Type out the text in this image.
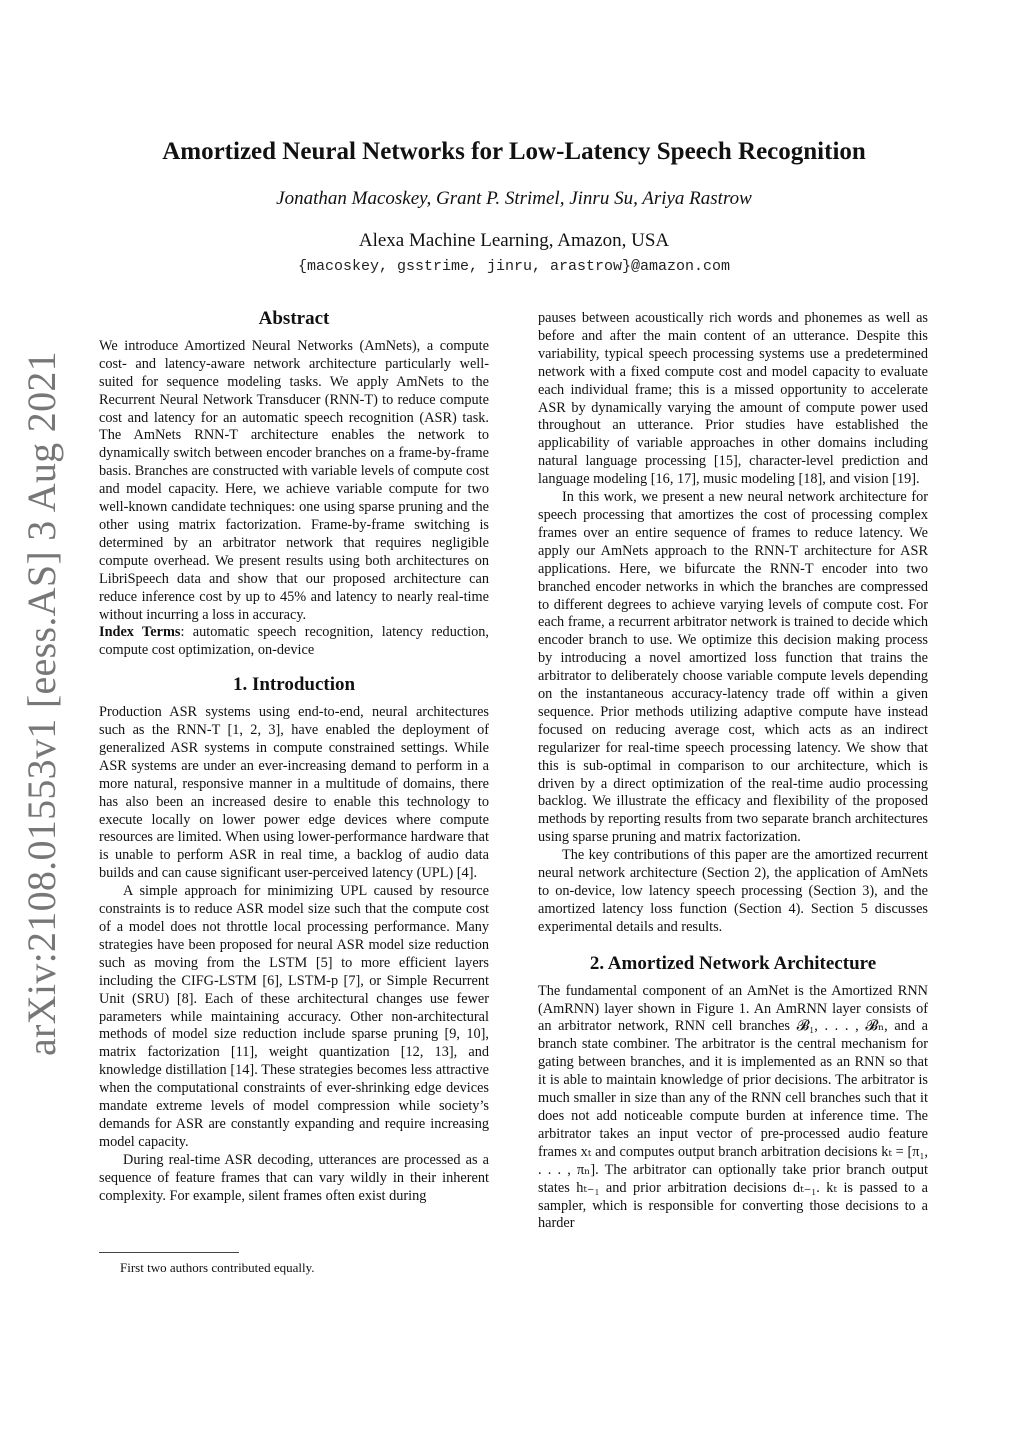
arXiv:2108.01553v1 [eess.AS] 3 Aug 2021
Amortized Neural Networks for Low-Latency Speech Recognition
Jonathan Macoskey, Grant P. Strimel, Jinru Su, Ariya Rastrow
Alexa Machine Learning, Amazon, USA
{macoskey, gsstrime, jinru, arastrow}@amazon.com
Abstract

We introduce Amortized Neural Networks (AmNets), a compute cost- and latency-aware network architecture particularly well-suited for sequence modeling tasks. We apply AmNets to the Recurrent Neural Network Transducer (RNN-T) to reduce compute cost and latency for an automatic speech recognition (ASR) task. The AmNets RNN-T architecture enables the network to dynamically switch between encoder branches on a frame-by-frame basis. Branches are constructed with variable levels of compute cost and model capacity. Here, we achieve variable compute for two well-known candidate techniques: one using sparse pruning and the other using matrix factorization. Frame-by-frame switching is determined by an arbitrator network that requires negligible compute overhead. We present results using both architectures on LibriSpeech data and show that our proposed architecture can reduce inference cost by up to 45% and latency to nearly real-time without incurring a loss in accuracy.

Index Terms: automatic speech recognition, latency reduction, compute cost optimization, on-device

1. Introduction

Production ASR systems using end-to-end, neural architectures such as the RNN-T [1, 2, 3], have enabled the deployment of generalized ASR systems in compute constrained settings. While ASR systems are under an ever-increasing demand to perform in a more natural, responsive manner in a multitude of domains, there has also been an increased desire to enable this technology to execute locally on lower power edge devices where compute resources are limited. When using lower-performance hardware that is unable to perform ASR in real time, a backlog of audio data builds and can cause significant user-perceived latency (UPL) [4].

A simple approach for minimizing UPL caused by resource constraints is to reduce ASR model size such that the compute cost of a model does not throttle local processing performance. Many strategies have been proposed for neural ASR model size reduction such as moving from the LSTM [5] to more efficient layers including the CIFG-LSTM [6], LSTM-p [7], or Simple Recurrent Unit (SRU) [8]. Each of these architectural changes use fewer parameters while maintaining accuracy. Other non-architectural methods of model size reduction include sparse pruning [9, 10], matrix factorization [11], weight quantization [12, 13], and knowledge distillation [14]. These strategies becomes less attractive when the computational constraints of ever-shrinking edge devices mandate extreme levels of model compression while society’s demands for ASR are constantly expanding and require increasing model capacity.

During real-time ASR decoding, utterances are processed as a sequence of feature frames that can vary wildly in their inherent complexity. For example, silent frames often exist during

pauses between acoustically rich words and phonemes as well as before and after the main content of an utterance. Despite this variability, typical speech processing systems use a predetermined network with a fixed compute cost and model capacity to evaluate each individual frame; this is a missed opportunity to accelerate ASR by dynamically varying the amount of compute power used throughout an utterance. Prior studies have established the applicability of variable approaches in other domains including natural language processing [15], character-level prediction and language modeling [16, 17], music modeling [18], and vision [19].

In this work, we present a new neural network architecture for speech processing that amortizes the cost of processing complex frames over an entire sequence of frames to reduce latency. We apply our AmNets approach to the RNN-T architecture for ASR applications. Here, we bifurcate the RNN-T encoder into two branched encoder networks in which the branches are compressed to different degrees to achieve varying levels of compute cost. For each frame, a recurrent arbitrator network is trained to decide which encoder branch to use. We optimize this decision making process by introducing a novel amortized loss function that trains the arbitrator to deliberately choose variable compute levels depending on the instantaneous accuracy-latency trade off within a given sequence. Prior methods utilizing adaptive compute have instead focused on reducing average cost, which acts as an indirect regularizer for real-time speech processing latency. We show that this is sub-optimal in comparison to our architecture, which is driven by a direct optimization of the real-time audio processing backlog. We illustrate the efficacy and flexibility of the proposed methods by reporting results from two separate branch architectures using sparse pruning and matrix factorization.

The key contributions of this paper are the amortized recurrent neural network architecture (Section 2), the application of AmNets to on-device, low latency speech processing (Section 3), and the amortized latency loss function (Section 4). Section 5 discusses experimental details and results.

2. Amortized Network Architecture

The fundamental component of an AmNet is the Amortized RNN (AmRNN) layer shown in Figure 1. An AmRNN layer consists of an arbitrator network, RNN cell branches 𝓑₁, . . . , 𝓑ₙ, and a branch state combiner. The arbitrator is the central mechanism for gating between branches, and it is implemented as an RNN so that it is able to maintain knowledge of prior decisions. The arbitrator is much smaller in size than any of the RNN cell branches such that it does not add noticeable compute burden at inference time. The arbitrator takes an input vector of pre-processed audio feature frames xₜ and computes output branch arbitration decisions kₜ = [π₁, . . . , πₙ]. The arbitrator can optionally take prior branch output states hₜ₋₁ and prior arbitration decisions dₜ₋₁. kₜ is passed to a sampler, which is responsible for converting those decisions to a harder

First two authors contributed equally.
